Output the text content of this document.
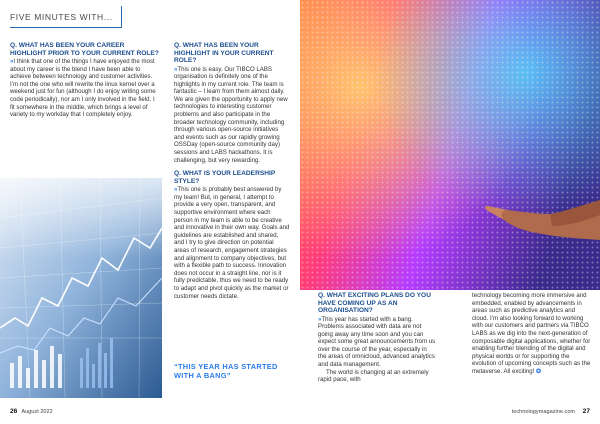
FIVE MINUTES WITH...
Q. WHAT HAS BEEN YOUR CAREER HIGHLIGHT PRIOR TO YOUR CURRENT ROLE?
»I think that one of the things I have enjoyed the most about my career is the blend I have been able to achieve between technology and customer activities. I’m not the one who will rewrite the linux kernel over a weekend just for fun (although I do enjoy writing some code periodically), nor am I only involved in the field. I fit somewhere in the middle, which brings a level of variety to my workday that I completely enjoy.
Q. WHAT HAS BEEN YOUR HIGHLIGHT IN YOUR CURRENT ROLE?
»This one is easy. Our TIBCO LABS organisation is definitely one of the highlights in my current role. The team is fantastic – I learn from them almost daily. We are given the opportunity to apply new technologies to interesting customer problems and also participate in the broader technology community, including through various open-source initiatives and events such as our rapidly growing OSSDay (open-source community day) sessions and LABS hackathons. It is challenging, but very rewarding.
Q. WHAT IS YOUR LEADERSHIP STYLE?
»This one is probably best answered by my team! But, in general, I attempt to provide a very open, transparent, and supportive environment where each person in my team is able to be creative and innovative in their own way. Goals and guidelines are established and shared, and I try to give direction on potential areas of research, engagement strategies and alignment to company objectives, but with a flexible path to success. Innovation does not occur in a straight line, nor is it fully predictable, thus we need to be ready to adapt and pivot quickly as the market or customer needs dictate.
“THIS YEAR HAS STARTED WITH A BANG”
26 August 2022
Q. WHAT EXCITING PLANS DO YOU HAVE COMING UP AS AN ORGANISATION?
»This year has started with a bang. Problems associated with data are not going away any time soon and you can expect some great announcements from us over the course of the year, especially in the areas of omnicloud, advanced analytics and data management.
The world is changing at an extremely rapid pace, with
technology becoming more immersive and embedded, enabled by advancements in areas such as predictive analytics and cloud. I’m also looking forward to working with our customers and partners via TIBCO LABS as we dig into the next-generation of composable digital applications, whether for enabling further blending of the digital and physical worlds or for supporting the evolution of upcoming concepts such as the metaverse. All exciting! ✪
technologymagazine.com 27
